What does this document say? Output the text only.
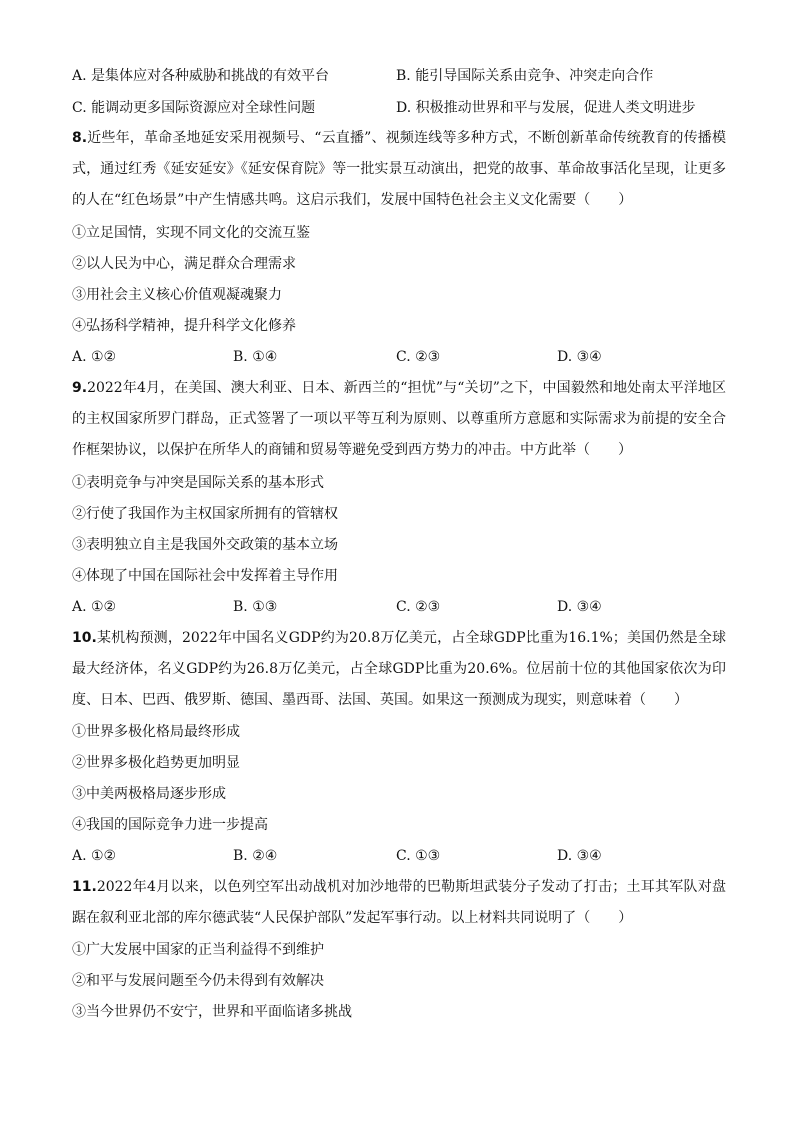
A. 是集体应对各种威胁和挑战的有效平台	B. 能引导国际关系由竞争、冲突走向合作
C. 能调动更多国际资源应对全球性问题	D. 积极推动世界和平与发展，促进人类文明进步
8.近些年，革命圣地延安采用视频号、“云直播”、视频连线等多种方式，不断创新革命传统教育的传播模式，通过红秀《延安延安》《延安保育院》等一批实景互动演出，把党的故事、革命故事活化呈现，让更多的人在“红色场景”中产生情感共鸣。这启示我们，发展中国特色社会主义文化需要（　　）
①立足国情，实现不同文化的交流互鉴
②以人民为中心，满足群众合理需求
③用社会主义核心价值观凝魂聚力
④弘扬科学精神，提升科学文化修养
A. ①②	B. ①④	C. ②③	D. ③④
9.2022年4月，在美国、澳大利亚、日本、新西兰的“担忧”与“关切”之下，中国毅然和地处南太平洋地区的主权国家所罗门群岛，正式签署了一项以平等互利为原则、以尊重所方意愿和实际需求为前提的安全合作框架协议，以保护在所华人的商铺和贸易等避免受到西方势力的冲击。中方此举（　　）
①表明竞争与冲突是国际关系的基本形式
②行使了我国作为主权国家所拥有的管辖权
③表明独立自主是我国外交政策的基本立场
④体现了中国在国际社会中发挥着主导作用
A. ①②	B. ①③	C. ②③	D. ③④
10.某机构预测，2022年中国名义GDP约为20.8万亿美元，占全球GDP比重为16.1%；美国仍然是全球最大经济体，名义GDP约为26.8万亿美元，占全球GDP比重为20.6%。位居前十位的其他国家依次为印度、日本、巴西、俄罗斯、德国、墨西哥、法国、英国。如果这一预测成为现实，则意味着（　　）
①世界多极化格局最终形成
②世界多极化趋势更加明显
③中美两极格局逐步形成
④我国的国际竞争力进一步提高
A. ①②	B. ②④	C. ①③	D. ③④
11.2022年4月以来，以色列空军出动战机对加沙地带的巴勒斯坦武装分子发动了打击；土耳其军队对盘踞在叙利亚北部的库尔德武装“人民保护部队”发起军事行动。以上材料共同说明了（　　）
①广大发展中国家的正当利益得不到维护
②和平与发展问题至今仍未得到有效解决
③当今世界仍不安宁，世界和平面临诸多挑战
